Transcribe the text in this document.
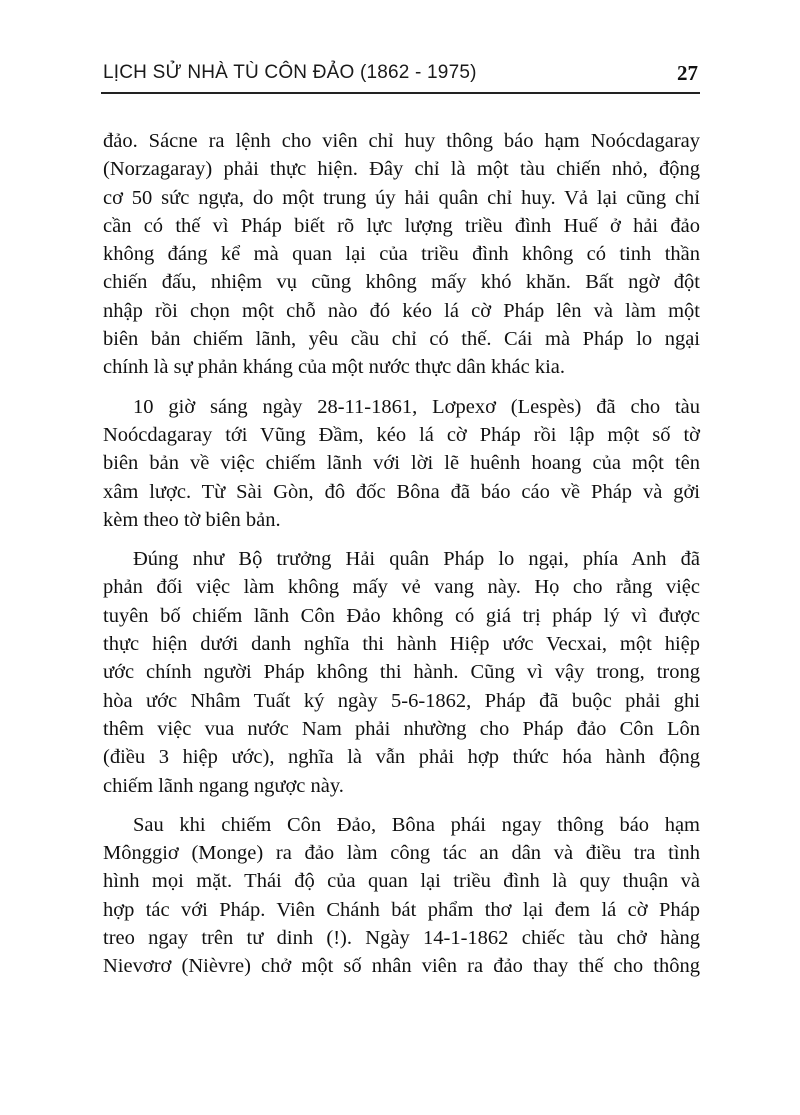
LỊCH SỬ NHÀ TÙ CÔN ĐẢO (1862 - 1975)	27
đảo. Sácne ra lệnh cho viên chỉ huy thông báo hạm Noócdagaray
(Norzagaray) phải thực hiện. Đây chỉ là một tàu chiến nhỏ, động
cơ 50 sức ngựa, do một trung úy hải quân chỉ huy. Vả lại cũng chỉ
cần có thế vì Pháp biết rõ lực lượng triều đình Huế ở hải đảo
không đáng kể mà quan lại của triều đình không có tinh thần
chiến đấu, nhiệm vụ cũng không mấy khó khăn. Bất ngờ đột
nhập rồi chọn một chỗ nào đó kéo lá cờ Pháp lên và làm một
biên bản chiếm lãnh, yêu cầu chỉ có thế. Cái mà Pháp lo ngại
chính là sự phản kháng của một nước thực dân khác kia.
10 giờ sáng ngày 28-11-1861, Lơpexơ (Lespès) đã cho tàu
Noócdagaray tới Vũng Đầm, kéo lá cờ Pháp rồi lập một số tờ
biên bản về việc chiếm lãnh với lời lẽ huênh hoang của một tên
xâm lược. Từ Sài Gòn, đô đốc Bôna đã báo cáo về Pháp và gởi
kèm theo tờ biên bản.
Đúng như Bộ trưởng Hải quân Pháp lo ngại, phía Anh đã
phản đối việc làm không mấy vẻ vang này. Họ cho rằng việc
tuyên bố chiếm lãnh Côn Đảo không có giá trị pháp lý vì được
thực hiện dưới danh nghĩa thi hành Hiệp ước Vecxai, một hiệp
ước chính người Pháp không thi hành. Cũng vì vậy trong, trong
hòa ước Nhâm Tuất ký ngày 5-6-1862, Pháp đã buộc phải ghi
thêm việc vua nước Nam phải nhường cho Pháp đảo Côn Lôn
(điều 3 hiệp ước), nghĩa là vẫn phải hợp thức hóa hành động
chiếm lãnh ngang ngược này.
Sau khi chiếm Côn Đảo, Bôna phái ngay thông báo hạm
Mônggiơ (Monge) ra đảo làm công tác an dân và điều tra tình
hình mọi mặt. Thái độ của quan lại triều đình là quy thuận và
hợp tác với Pháp. Viên Chánh bát phẩm thơ lại đem lá cờ Pháp
treo ngay trên tư dinh (!). Ngày 14-1-1862 chiếc tàu chở hàng
Nievơrơ (Nièvre) chở một số nhân viên ra đảo thay thế cho thông
